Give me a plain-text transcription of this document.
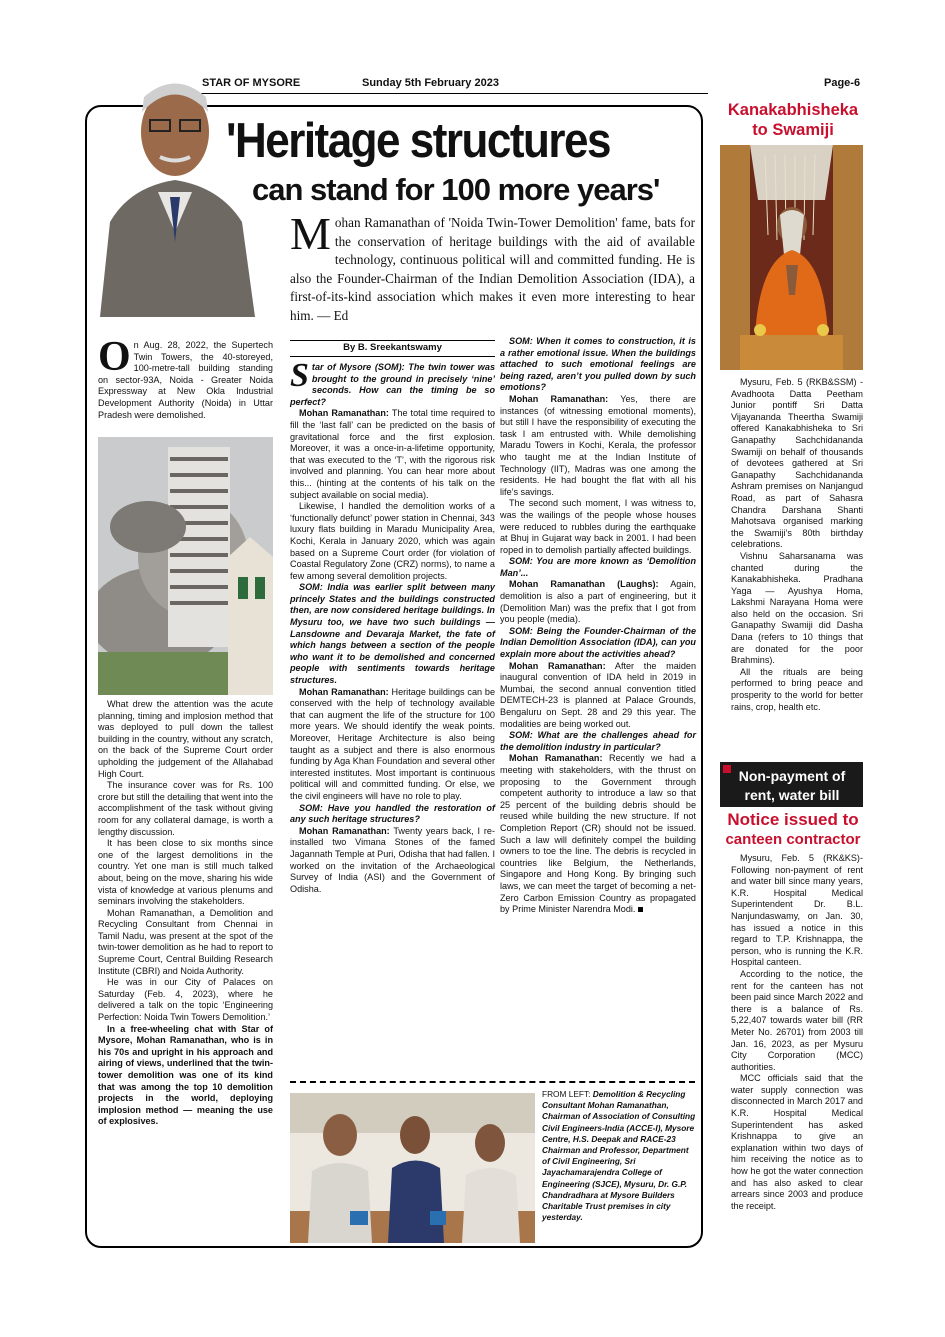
STAR OF MYSORE	Sunday 5th February 2023	Page-6
'Heritage structures
can stand for 100 more years'
Mohan Ramanathan of 'Noida Twin-Tower Demolition' fame, bats for the conservation of heritage buildings with the aid of available technology, continuous political will and committed funding. He is also the Founder-Chairman of the Indian Demolition Association (IDA), a first-of-its-kind association which makes it even more interesting to hear him. — Ed
On Aug. 28, 2022, the Supertech Twin Towers, the 40-storeyed, 100-metre-tall building standing on sector-93A, Noida - Greater Noida Expressway at New Okla Industrial Development Authority (Noida) in Uttar Pradesh were demolished.

What drew the attention was the acute planning, timing and implosion method that was deployed to pull down the tallest building in the country, without any scratch, on the back of the Supreme Court order upholding the judgement of the Allahabad High Court.

The insurance cover was for Rs. 100 crore but still the detailing that went into the accomplishment of the task without giving room for any collateral damage, is worth a lengthy discussion.

It has been close to six months since one of the largest demolitions in the country. Yet one man is still much talked about, being on the move, sharing his wide vista of knowledge at various plenums and seminars involving the stakeholders.

Mohan Ramanathan, a Demolition and Recycling Consultant from Chennai in Tamil Nadu, was present at the spot of the twin-tower demolition as he had to report to Supreme Court, Central Building Research Institute (CBRI) and Noida Authority.

He was in our City of Palaces on Saturday (Feb. 4, 2023), where he delivered a talk on the topic ‘Engineering Perfection: Noida Twin Towers Demolition.’

In a free-wheeling chat with Star of Mysore, Mohan Ramanathan, who is in his 70s and upright in his approach and airing of views, underlined that the twin-tower demolition was one of its kind that was among the top 10 demolition projects in the world, deploying implosion method — meaning the use of explosives.

By B. Sreekantswamy

Star of Mysore (SOM): The twin tower was brought to the ground in precisely ‘nine’ seconds. How can the timing be so perfect?

Mohan Ramanathan: The total time required to fill the ‘last fall’ can be predicted on the basis of gravitational force and the first explosion. Moreover, it was a once-in-a-lifetime opportunity, that was executed to the ‘T’, with the rigorous risk involved and planning. You can hear more about this... (hinting at the contents of his talk on the subject available on social media).

Likewise, I handled the demolition works of a ‘functionally defunct’ power station in Chennai, 343 luxury flats building in Maradu Municipality Area, Kochi, Kerala in January 2020, which was again based on a Supreme Court order (for violation of Coastal Regulatory Zone (CRZ) norms), to name a few among several demolition projects.

SOM: India was earlier split between many princely States and the buildings constructed then, are now considered heritage buildings. In Mysuru too, we have two such buildings — Lansdowne and Devaraja Market, the fate of which hangs between a section of the people who want it to be demolished and concerned people with sentiments towards heritage structures.

Mohan Ramanathan: Heritage buildings can be conserved with the help of technology available that can augment the life of the structure for 100 more years. We should identify the weak points. Moreover, Heritage Architecture is also being taught as a subject and there is also enormous funding by Aga Khan Foundation and several other interested institutes. Most important is continuous political will and committed funding. Or else, we the civil engineers will have no role to play.

SOM: Have you handled the restoration of any such heritage structures?

Mohan Ramanathan: Twenty years back, I re-installed two Vimana Stones of the famed Jagannath Temple at Puri, Odisha that had fallen. I worked on the invitation of the Archaeological Survey of India (ASI) and the Government of Odisha.

SOM: When it comes to construction, it is a rather emotional issue. When the buildings attached to such emotional feelings are being razed, aren’t you pulled down by such emotions?

Mohan Ramanathan: Yes, there are instances (of witnessing emotional moments), but still I have the responsibility of executing the task I am entrusted with. While demolishing Maradu Towers in Kochi, Kerala, the professor who taught me at the Indian Institute of Technology (IIT), Madras was one among the residents. He had bought the flat with all his life’s savings.

The second such moment, I was witness to, was the wailings of the people whose houses were reduced to rubbles during the earthquake at Bhuj in Gujarat way back in 2001. I had been roped in to demolish partially affected buildings.

SOM: You are more known as ‘Demolition Man’...

Mohan Ramanathan (Laughs): Again, demolition is also a part of engineering, but it (Demolition Man) was the prefix that I got from you people (media).

SOM: Being the Founder-Chairman of the Indian Demolition Association (IDA), can you explain more about the activities ahead?

Mohan Ramanathan: After the maiden inaugural convention of IDA held in 2019 in Mumbai, the second annual convention titled DEMTECH-23 is planned at Palace Grounds, Bengaluru on Sept. 28 and 29 this year. The modalities are being worked out.

SOM: What are the challenges ahead for the demolition industry in particular?

Mohan Ramanathan: Recently we had a meeting with stakeholders, with the thrust on proposing to the Government through competent authority to introduce a law so that 25 percent of the building debris should be reused while building the new structure. If not Completion Report (CR) should not be issued. Such a law will definitely compel the building owners to toe the line. The debris is recycled in countries like Belgium, the Netherlands, Singapore and Hong Kong. By bringing such laws, we can meet the target of becoming a net-Zero Carbon Emission Country as propagated by Prime Minister Narendra Modi.

FROM LEFT: Demolition & Recycling Consultant Mohan Ramanathan, Chairman of Association of Consulting Civil Engineers-India (ACCE-I), Mysore Centre, H.S. Deepak and RACE-23 Chairman and Professor, Department of Civil Engineering, Sri Jayachamarajendra College of Engineering (SJCE), Mysuru, Dr. G.P. Chandradhara at Mysore Builders Charitable Trust premises in city yesterday.
Kanakabhisheka to Swamiji

Mysuru, Feb. 5 (RKB&SSM) - Avadhoota Datta Peetham Junior pontiff Sri Datta Vijayananda Theertha Swamiji offered Kanakabhisheka to Sri Ganapathy Sachchidananda Swamiji on behalf of thousands of devotees gathered at Sri Ganapathy Sachchidananda Ashram premises on Nanjangud Road, as part of Sahasra Chandra Darshana Shanti Mahotsava organised marking the Swamiji’s 80th birthday celebrations.

Vishnu Saharsanama was chanted during the Kanakabhisheka. Pradhana Yaga — Ayushya Homa, Lakshmi Narayana Homa were also held on the occasion. Sri Ganapathy Swamiji did Dasha Dana (refers to 10 things that are donated for the poor Brahmins).

All the rituals are being performed to bring peace and prosperity to the world for better rains, crop, health etc.

Non-payment of rent, water bill
Notice issued to
canteen contractor

Mysuru, Feb. 5 (RK&KS)- Following non-payment of rent and water bill since many years, K.R. Hospital Medical Superintendent Dr. B.L. Nanjundaswamy, on Jan. 30, has issued a notice in this regard to T.P. Krishnappa, the person, who is running the K.R. Hospital canteen.

According to the notice, the rent for the canteen has not been paid since March 2022 and there is a balance of Rs. 5,22,407 towards water bill (RR Meter No. 26701) from 2003 till Jan. 16, 2023, as per Mysuru City Corporation (MCC) authorities.

MCC officials said that the water supply connection was disconnected in March 2017 and K.R. Hospital Medical Superintendent has asked Krishnappa to give an explanation within two days of him receiving the notice as to how he got the water connection and has also asked to clear arrears since 2003 and produce the receipt.
